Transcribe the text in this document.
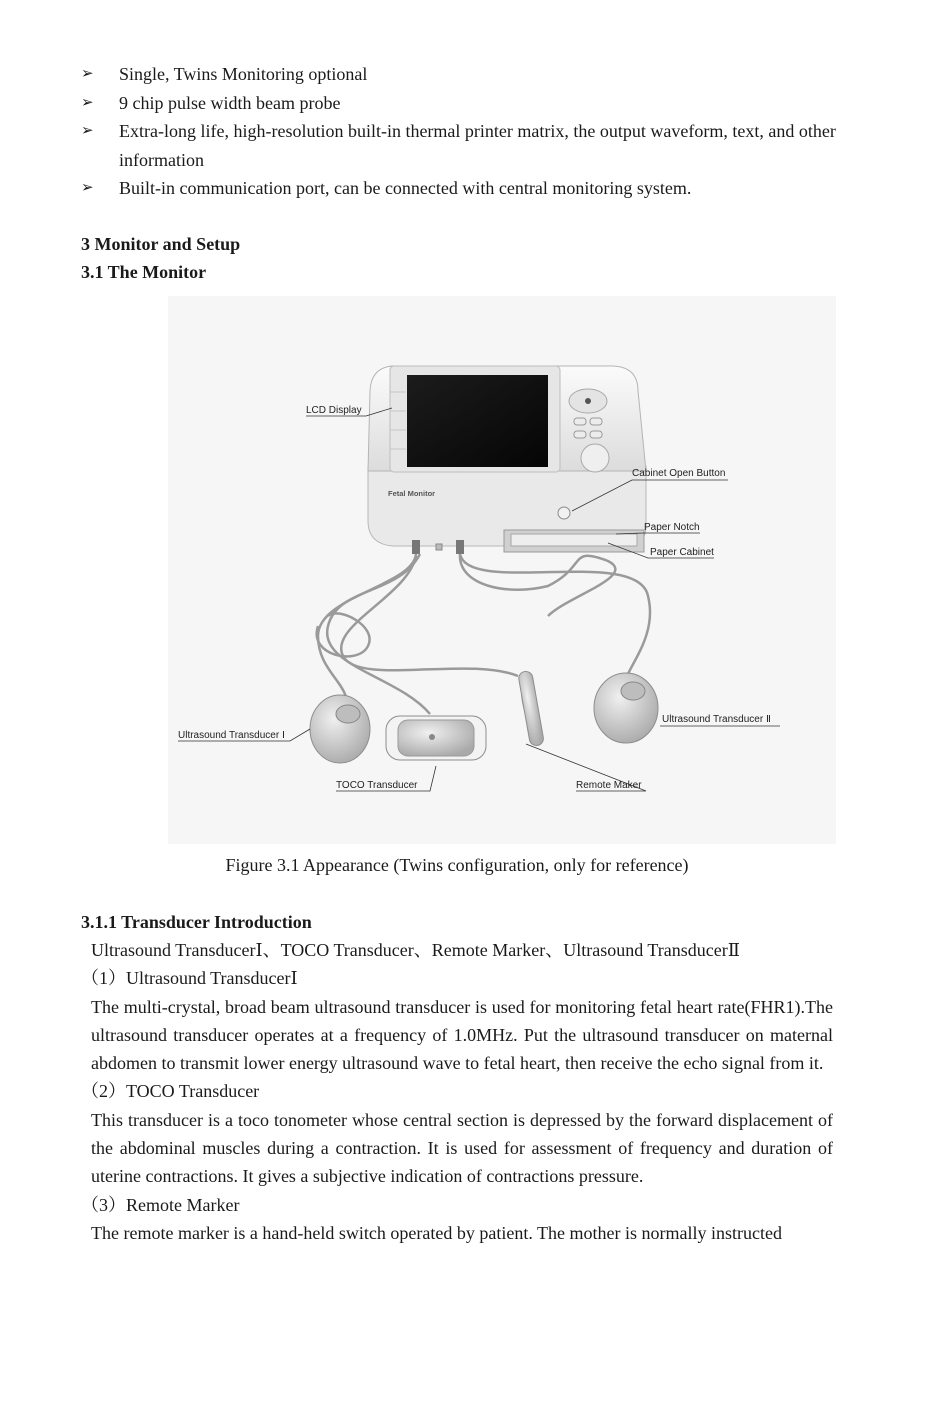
➢	Single, Twins Monitoring optional
➢	9 chip pulse width beam probe
➢	Extra-long life, high-resolution built-in thermal printer matrix, the output waveform, text, and other information
➢	Built-in communication port, can be connected with central monitoring system.
3 Monitor and Setup
3.1 The Monitor
Fetal Monitor
LCD Display
Cabinet Open Button
Paper Notch
Paper Cabinet
Ultrasound Transducer Ⅰ
Ultrasound Transducer Ⅱ
TOCO Transducer	Remote Maker
Figure 3.1 Appearance (Twins configuration, only for reference)
3.1.1 Transducer Introduction
Ultrasound TransducerⅠ、TOCO Transducer、Remote Marker、Ultrasound TransducerⅡ
（1）Ultrasound TransducerⅠ
The multi-crystal, broad beam ultrasound transducer is used for monitoring fetal heart rate(FHR1).The ultrasound transducer operates at a frequency of 1.0MHz. Put the ultrasound transducer on maternal abdomen to transmit lower energy ultrasound wave to fetal heart, then receive the echo signal from it.
（2）TOCO Transducer
This transducer is a toco tonometer whose central section is depressed by the forward displacement of the abdominal muscles during a contraction. It is used for assessment of frequency and duration of uterine contractions. It gives a subjective indication of contractions pressure.
（3）Remote Marker
The remote marker is a hand-held switch operated by patient. The mother is normally instructed
